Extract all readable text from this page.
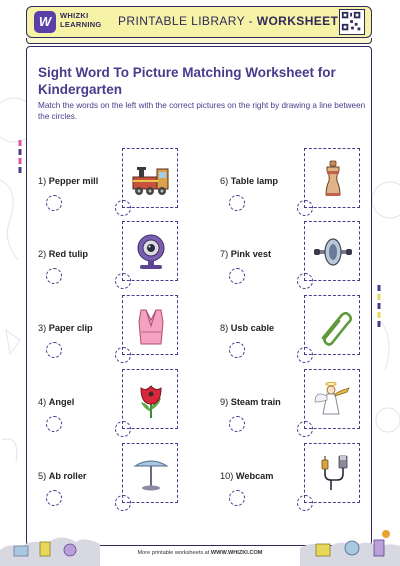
W	WHIZKI
LEARNING PRINTABLE LIBRARY - WORKSHEET
Sight Word To Picture Matching Worksheet for Kindergarten
Match the words on the left with the correct pictures on the right by drawing a line between the circles.
1) Pepper mill
2) Red tulip
3) Paper clip
4) Angel
5) Ab roller
6) Table lamp
7) Pink vest
8) Usb cable
9) Steam train
10) Webcam
More printable worksheets at WWW.WHIZKI.COM
